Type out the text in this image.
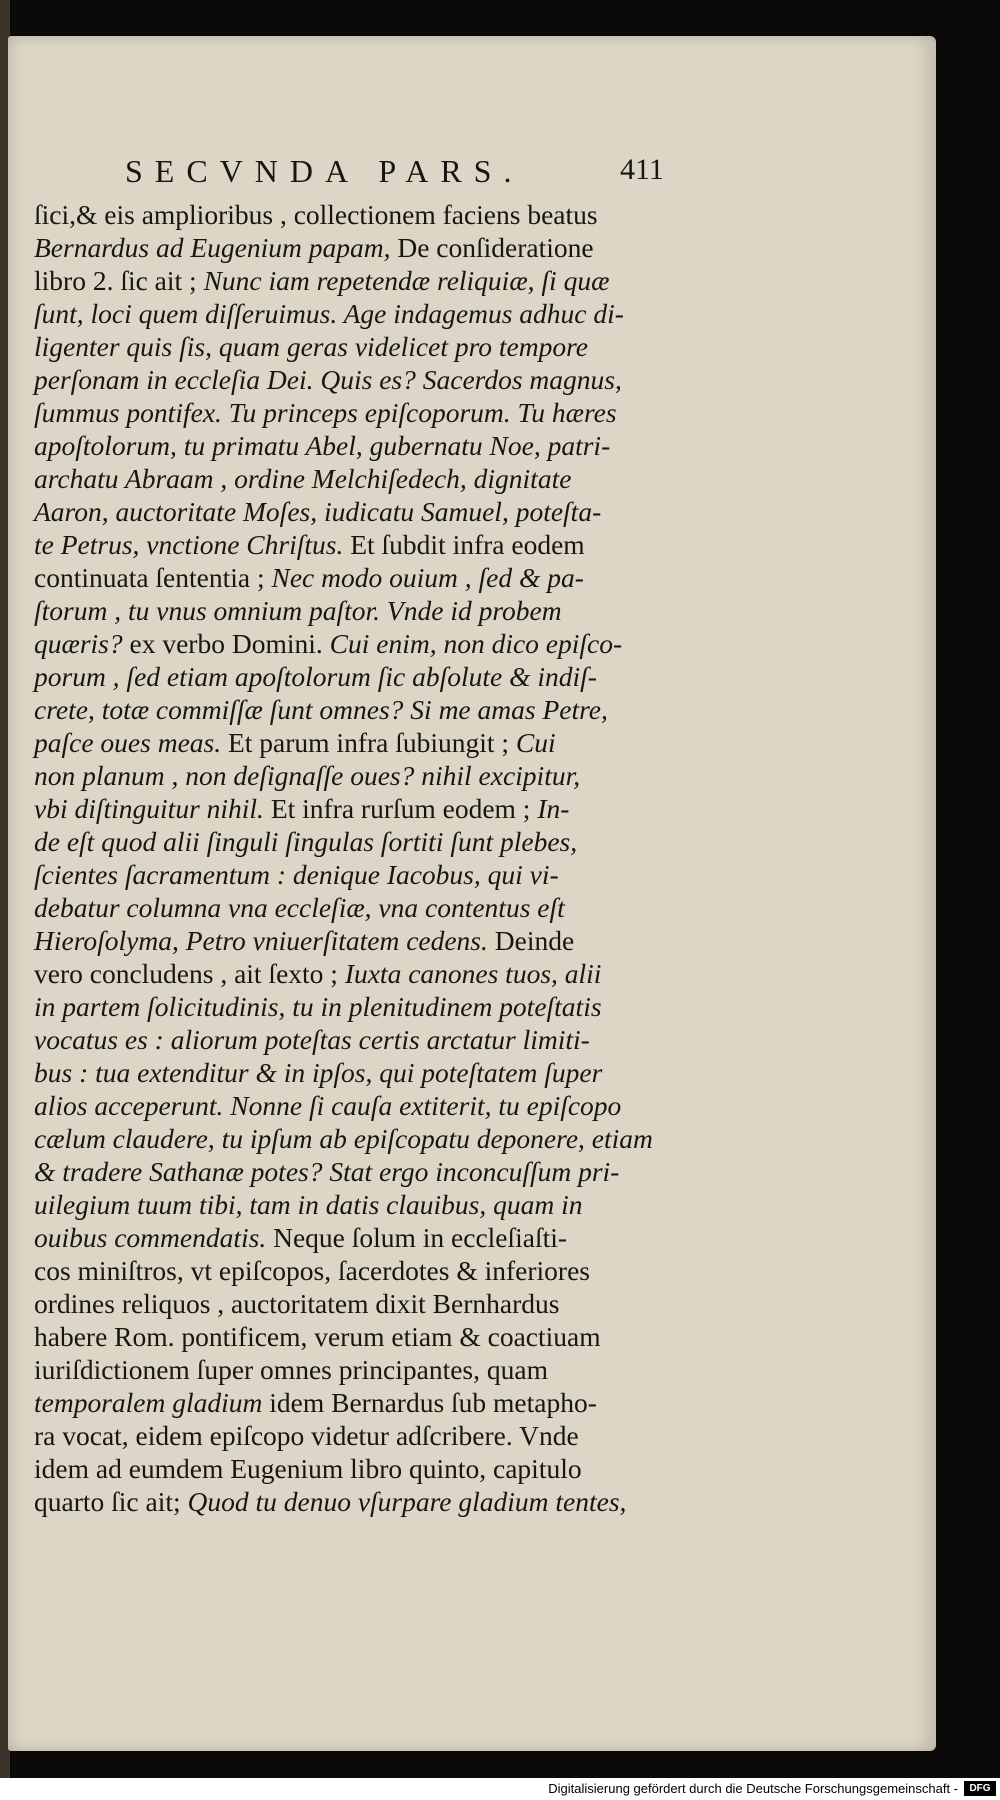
SECVNDA PARS.	411
ſici,& eis amplioribus , collectionem faciens beatus
Bernardus ad Eugenium papam, De conſideratione
libro 2. ſic ait ; Nunc iam repetendæ reliquiæ, ſi quæ
ſunt, loci quem diſſeruimus. Age indagemus adhuc di-
ligenter quis ſis, quam geras videlicet pro tempore
perſonam in eccleſia Dei. Quis es? Sacerdos magnus,
ſummus pontifex. Tu princeps epiſcoporum. Tu hæres
apoſtolorum, tu primatu Abel, gubernatu Noe, patri-
archatu Abraam , ordine Melchiſedech, dignitate
Aaron, auctoritate Moſes, iudicatu Samuel, poteſta-
te Petrus, vnctione Chriſtus. Et ſubdit infra eodem
continuata ſententia ; Nec modo ouium , ſed & pa-
ſtorum , tu vnus omnium paſtor. Vnde id probem
quæris? ex verbo Domini. Cui enim, non dico epiſco-
porum , ſed etiam apoſtolorum ſic abſolute & indiſ-
crete, totæ commiſſæ ſunt omnes? Si me amas Petre,
paſce oues meas. Et parum infra ſubiungit ; Cui
non planum , non deſignaſſe oues? nihil excipitur,
vbi diſtinguitur nihil. Et infra rurſum eodem ; In-
de eſt quod alii ſinguli ſingulas ſortiti ſunt plebes,
ſcientes ſacramentum : denique Iacobus, qui vi-
debatur columna vna eccleſiæ, vna contentus eſt
Hieroſolyma, Petro vniuerſitatem cedens. Deinde
vero concludens , ait ſexto ; Iuxta canones tuos, alii
in partem ſolicitudinis, tu in plenitudinem poteſtatis
vocatus es : aliorum poteſtas certis arctatur limiti-
bus : tua extenditur & in ipſos, qui poteſtatem ſuper
alios acceperunt. Nonne ſi cauſa extiterit, tu epiſcopo
cælum claudere, tu ipſum ab epiſcopatu deponere, etiam
& tradere Sathanæ potes? Stat ergo inconcuſſum pri-
uilegium tuum tibi, tam in datis clauibus, quam in
ouibus commendatis. Neque ſolum in eccleſiaſti-
cos miniſtros, vt epiſcopos, ſacerdotes & inferiores
ordines reliquos , auctoritatem dixit Bernhardus
habere Rom. pontificem, verum etiam & coactiuam
iuriſdictionem ſuper omnes principantes, quam
temporalem gladium idem Bernardus ſub metapho-
ra vocat, eidem epiſcopo videtur adſcribere. Vnde
idem ad eumdem Eugenium libro quinto, capitulo
quarto ſic ait; Quod tu denuo vſurpare gladium tentes,
Digitalisierung gefördert durch die Deutsche Forschungsgemeinschaft -	DFG
